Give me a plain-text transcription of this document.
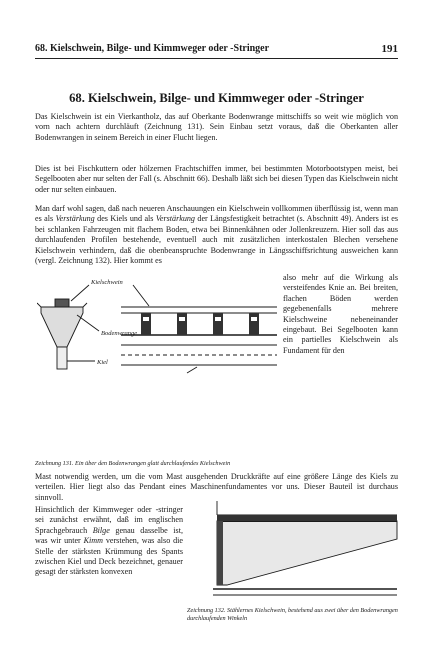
68. Kielschwein, Bilge- und Kimmweger oder -Stringer	191
68. Kielschwein, Bilge- und Kimmweger oder -Stringer

Das Kielschwein ist ein Vierkantholz, das auf Oberkante Bodenwrange mittschiffs so weit wie möglich von vorn nach achtern durchläuft (Zeichnung 131). Sein Einbau setzt voraus, daß die Oberkanten aller Bodenwrangen in seinem Bereich in einer Flucht liegen.

Dies ist bei Fischkuttern oder hölzernen Frachtschiffen immer, bei bestimmten Motorbootstypen meist, bei Segelbooten aber nur selten der Fall (s. Abschnitt 66). Deshalb läßt sich bei diesen Typen das Kielschwein nicht oder nur selten einbauen.

Man darf wohl sagen, daß nach neueren Anschauungen ein Kielschwein vollkommen überflüssig ist, wenn man es als Verstärkung des Kiels und als Verstärkung der Längsfestigkeit betrachtet (s. Abschnitt 49). Anders ist es bei schlanken Fahrzeugen mit flachem Boden, etwa bei Binnenkähnen oder Jollenkreuzern. Hier soll das aus durchlaufenden Profilen bestehende, eventuell auch mit zusätzlichen interkostalen Blechen versehene Kielschwein verhindern, daß die obenbeanspruchte Bodenwrange in Längsschiffsrichtung ausweichen kann (vergl. Zeichnung 132). Hier kommt es

also mehr auf die Wirkung als versteifendes Knie an. Bei breiten, flachen Böden werden gegebenenfalls mehrere Kielschweine nebeneinander eingebaut. Bei Segelbooten kann ein partielles Kielschwein als Fundament für den

Kielschwein
Bodenwrange
Kiel

Zeichnung 131. Ein über den Bodenwrangen glatt durchlaufendes Kielschwein

Mast notwendig werden, um die vom Mast ausgehenden Druckkräfte auf eine größere Länge des Kiels zu verteilen. Hier liegt also das Pendant eines Maschinenfundamentes vor uns. Dieser Bauteil ist durchaus sinnvoll.

Hinsichtlich der Kimmweger oder -stringer sei zunächst erwähnt, daß im englischen Sprachgebrauch Bilge genau dasselbe ist, was wir unter Kimm verstehen, was also die Stelle der stärksten Krümmung des Spants zwischen Kiel und Deck bezeichnet, genauer gesagt der stärksten konvexen

Zeichnung 132. Stählernes Kielschwein, bestehend aus zwei über den Bodenwrangen durchlaufenden Winkeln
